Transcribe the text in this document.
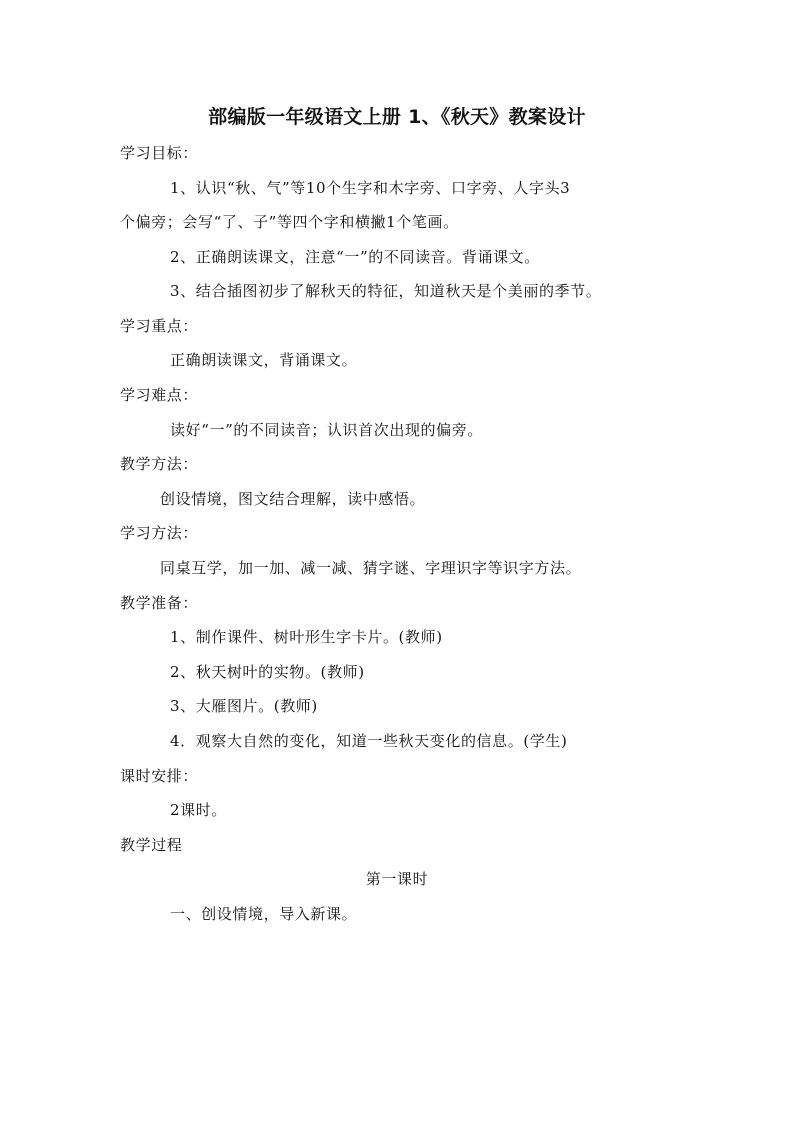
部编版一年级语文上册 1、《秋天》教案设计
学习目标：
1、认识“秋、气”等10个生字和木字旁、口字旁、人字头3
个偏旁；会写“了、子”等四个字和横撇1个笔画。
2、正确朗读课文，注意“一”的不同读音。背诵课文。
3、结合插图初步了解秋天的特征，知道秋天是个美丽的季节。
学习重点：
正确朗读课文，背诵课文。
学习难点：
读好“一”的不同读音；认识首次出现的偏旁。
教学方法：
创设情境，图文结合理解，读中感悟。
学习方法：
同桌互学，加一加、减一减、猜字谜、字理识字等识字方法。
教学准备：
1、制作课件、树叶形生字卡片。(教师)
2、秋天树叶的实物。(教师)
3、大雁图片。(教师)
4．观察大自然的变化，知道一些秋天变化的信息。(学生)
课时安排：
2课时。
教学过程
第一课时
一、创设情境，导入新课。
